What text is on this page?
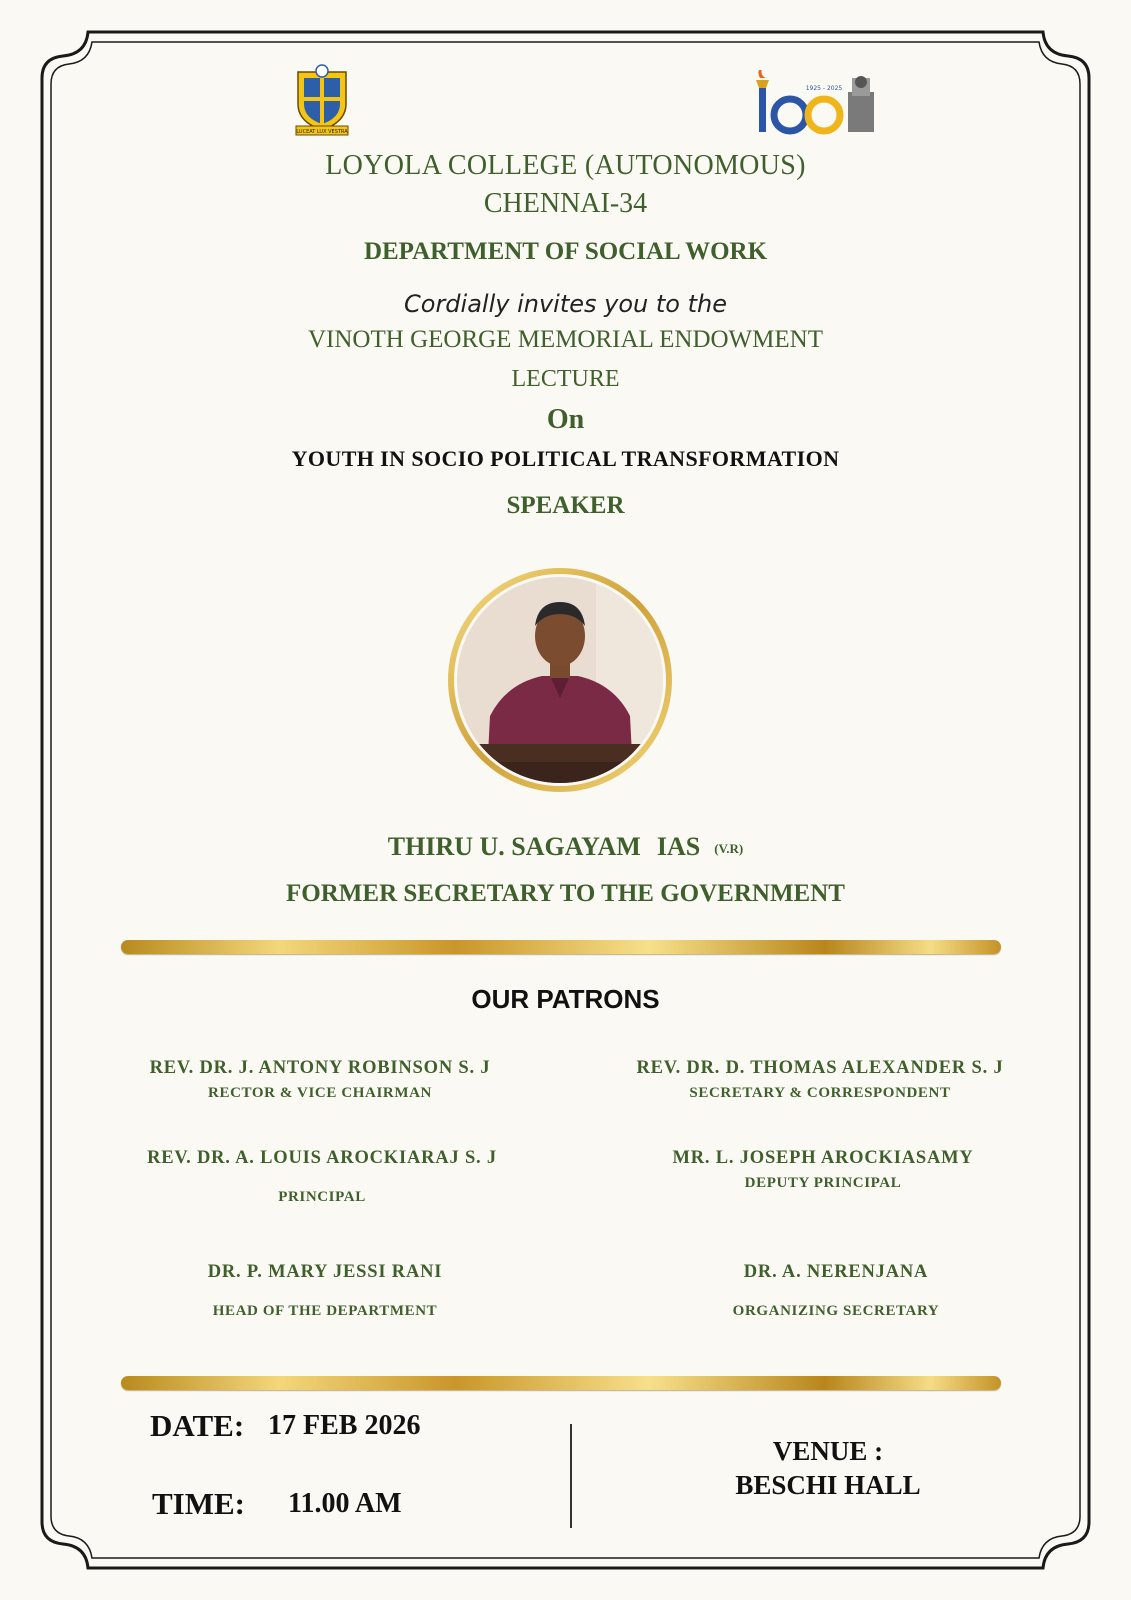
LUCEAT LUX VESTRA
1925 - 2025
LOYOLA COLLEGE (AUTONOMOUS)
CHENNAI-34
DEPARTMENT OF SOCIAL WORK
Cordially invites you to the
VINOTH GEORGE MEMORIAL ENDOWMENT
LECTURE
On
YOUTH IN SOCIO POLITICAL TRANSFORMATION
SPEAKER
THIRU U. SAGAYAM IAS (V.R)
FORMER SECRETARY TO THE GOVERNMENT
OUR PATRONS
REV. DR. J. ANTONY ROBINSON S. J
RECTOR & VICE CHAIRMAN
REV. DR. D. THOMAS ALEXANDER S. J
SECRETARY & CORRESPONDENT
REV. DR. A. LOUIS AROCKIARAJ S. J
PRINCIPAL
MR. L. JOSEPH AROCKIASAMY
DEPUTY PRINCIPAL
DR. P. MARY JESSI RANI
HEAD OF THE DEPARTMENT
DR. A. NERENJANA
ORGANIZING SECRETARY
DATE: 17 FEB 2026
TIME: 11.00 AM
VENUE :
BESCHI HALL
